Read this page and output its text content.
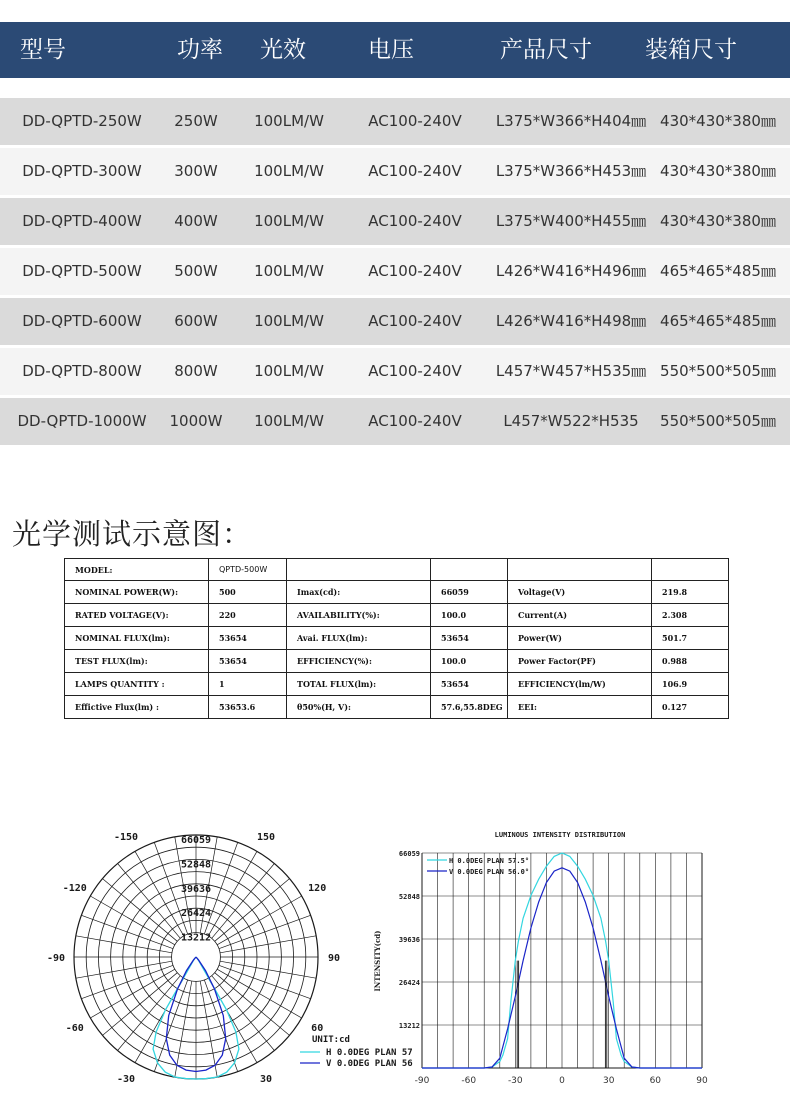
型号	功率 光效	电压	产品尺寸 装箱尺寸
DD-QPTD-250W 250W 100LM/W	AC100-240V L375*W366*H404㎜ 430*430*380㎜
DD-QPTD-300W 300W 100LM/W	AC100-240V L375*W366*H453㎜ 430*430*380㎜
DD-QPTD-400W 400W 100LM/W	AC100-240V L375*W400*H455㎜ 430*430*380㎜
DD-QPTD-500W 500W 100LM/W	AC100-240V L426*W416*H496㎜ 465*465*485㎜
DD-QPTD-600W 600W 100LM/W	AC100-240V L426*W416*H498㎜ 465*465*485㎜
DD-QPTD-800W 800W 100LM/W	AC100-240V L457*W457*H535㎜ 550*500*505㎜
DD-QPTD-1000W 1000W 100LM/W	AC100-240V	L457*W522*H535 550*500*505㎜
光学测试示意图：
MODEL:	QPTD-500W				
NOMINAL POWER(W):	500	Imax(cd):	66059	Voltage(V)	219.8
RATED VOLTAGE(V):	220	AVAILABILITY(%):	100.0	Current(A)	2.308
NOMINAL FLUX(lm):	53654	Avai. FLUX(lm):	53654	Power(W)	501.7
TEST FLUX(lm):	53654	EFFICIENCY(%):	100.0	Power Factor(PF)	0.988
LAMPS QUANTITY :	1	TOTAL FLUX(lm):	53654	EFFICIENCY(lm/W)	106.9
Effictive Flux(lm) :	53653.6	θ50%(H, V):	57.6,55.8DEG	EEI:	0.127
-150	150
-120	120
-90	90
-60	60
-30	30
66059
52848
39636
26424
13212
UNIT:cd
H 0.0DEG PLAN 57
V 0.0DEG PLAN 56
LUMINOUS INTENSITY DISTRIBUTION
66059
52848
39636
26424
13212
-90	-60	-30	0	30	60	90
INTENSITY(cd)
H 0.0DEG PLAN 57.5°
V 0.0DEG PLAN 56.0°
